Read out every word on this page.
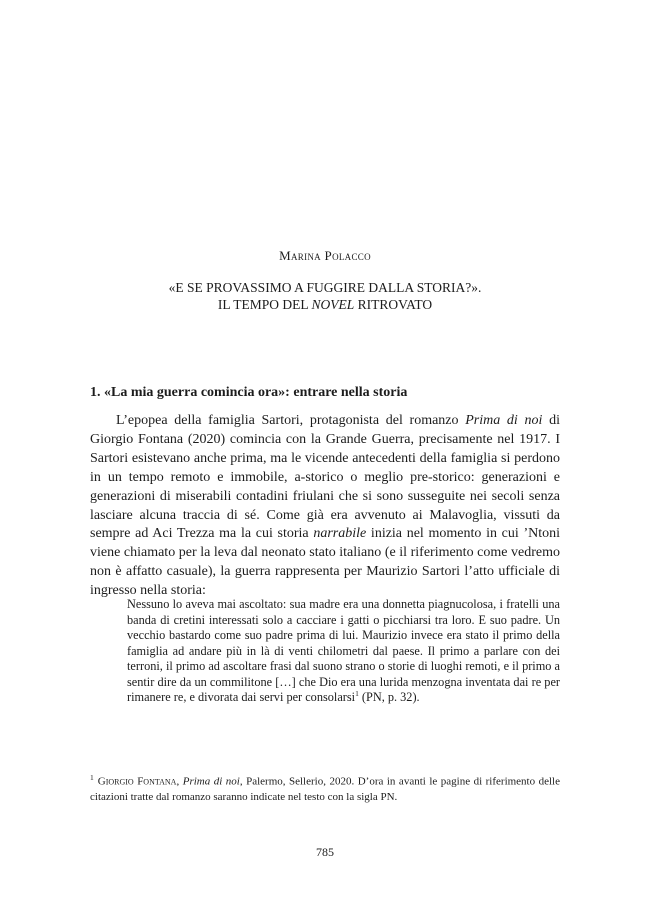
Marina Polacco
«E SE PROVASSIMO A FUGGIRE DALLA STORIA?».
IL TEMPO DEL NOVEL RITROVATO
1. «La mia guerra comincia ora»: entrare nella storia

L’epopea della famiglia Sartori, protagonista del romanzo Prima di noi di Giorgio Fontana (2020) comincia con la Grande Guerra, precisamente nel 1917. I Sartori esistevano anche prima, ma le vicende antecedenti della famiglia si perdono in un tempo remoto e immobile, a-storico o meglio pre-storico: generazioni e generazioni di miserabili contadini friulani che si sono susseguite nei secoli senza lasciare alcuna traccia di sé. Come già era avvenuto ai Malavoglia, vissuti da sempre ad Aci Trezza ma la cui storia narrabile inizia nel momento in cui ’Ntoni viene chiamato per la leva dal neonato stato italiano (e il riferimento come vedremo non è affatto casuale), la guerra rappresenta per Maurizio Sartori l’atto ufficiale di ingresso nella storia:

Nessuno lo aveva mai ascoltato: sua madre era una donnetta piagnucolosa, i fratelli una banda di cretini interessati solo a cacciare i gatti o picchiarsi tra loro. E suo padre. Un vecchio bastardo come suo padre prima di lui. Maurizio invece era stato il primo della famiglia ad andare più in là di venti chilometri dal paese. Il primo a parlare con dei terroni, il primo ad ascoltare frasi dal suono strano o storie di luoghi remoti, e il primo a sentir dire da un commilitone […] che Dio era una lurida menzogna inventata dai re per rimanere re, e divorata dai servi per consolarsi$^1$ (PN, p. 32).

$^1$ Giorgio Fontana, Prima di noi, Palermo, Sellerio, 2020. D’ora in avanti le pagine di riferimento delle citazioni tratte dal romanzo saranno indicate nel testo con la sigla PN.

785
